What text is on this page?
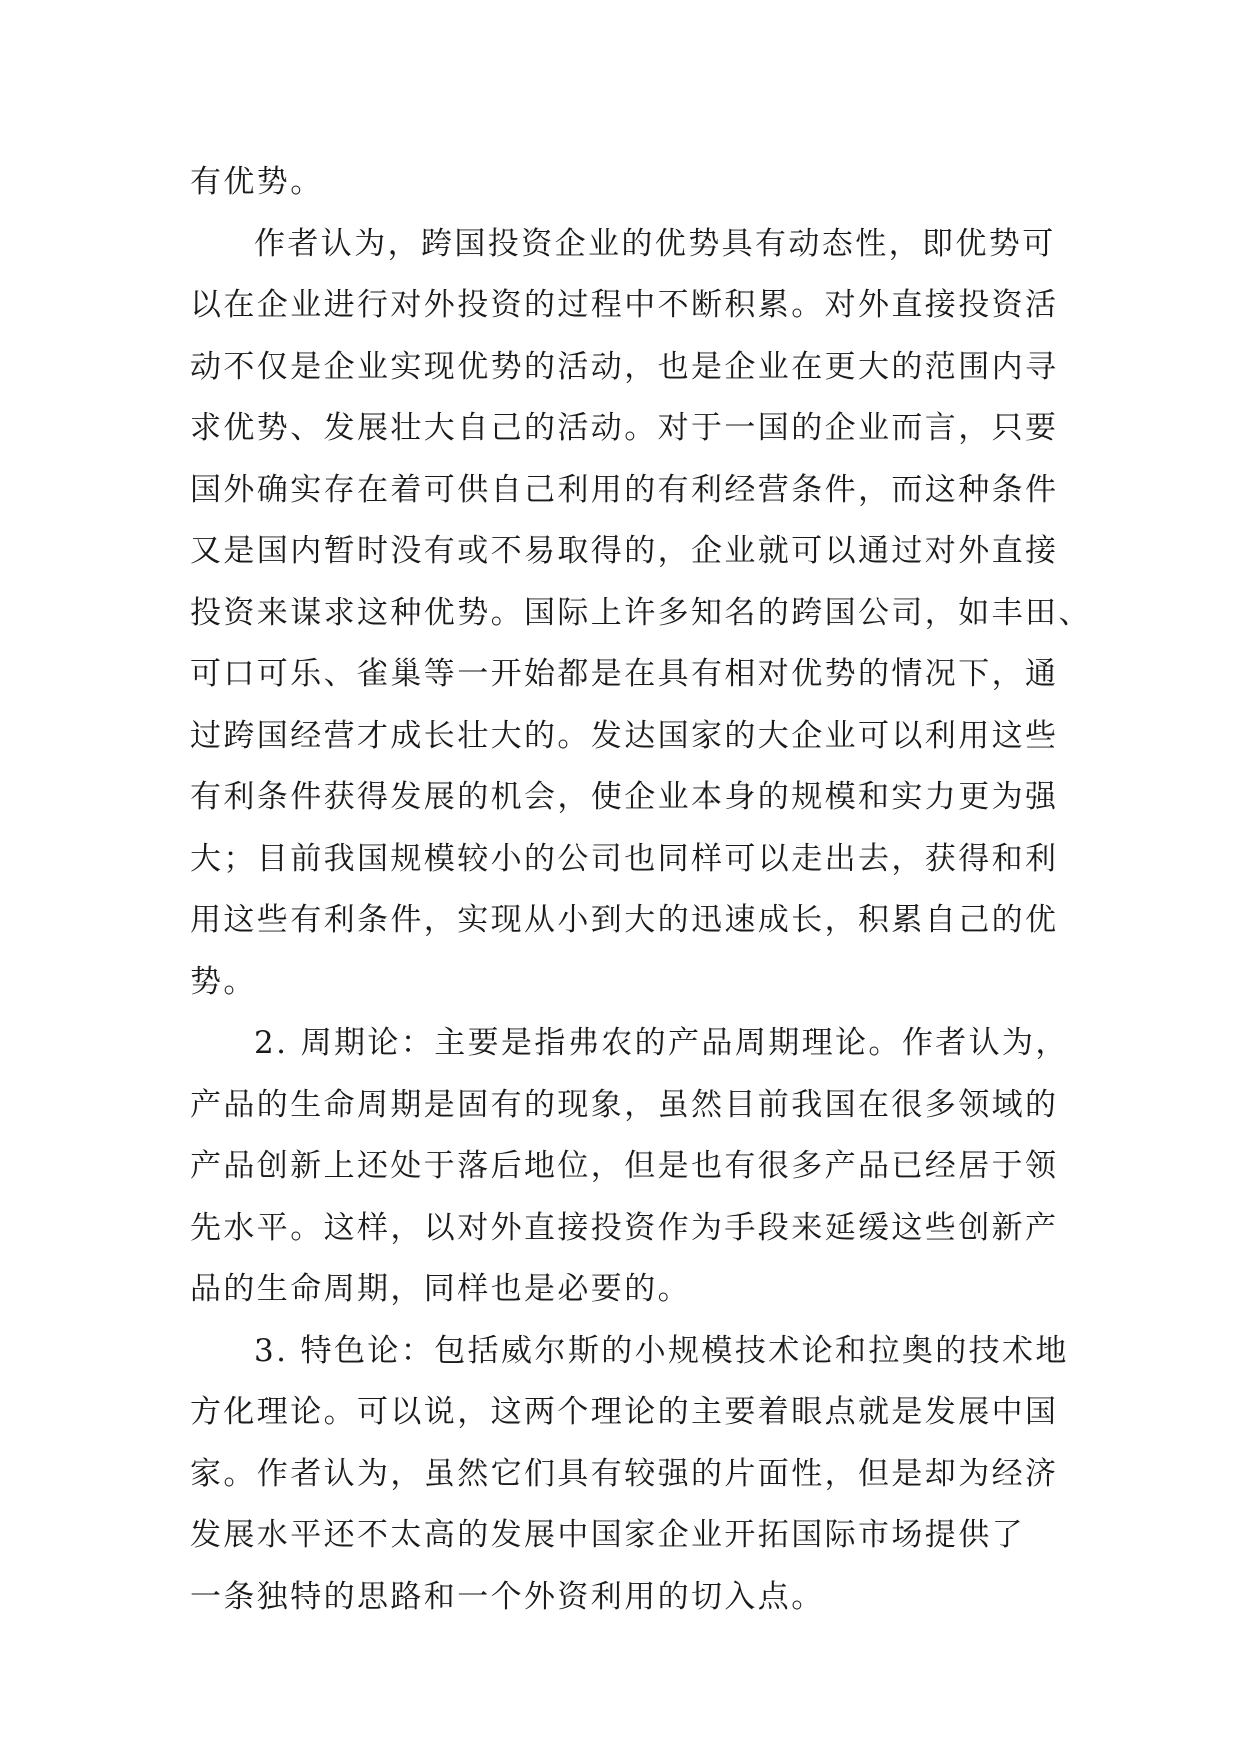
有优势。
作者认为，跨国投资企业的优势具有动态性，即优势可
以在企业进行对外投资的过程中不断积累。对外直接投资活
动不仅是企业实现优势的活动，也是企业在更大的范围内寻
求优势、发展壮大自己的活动。对于一国的企业而言，只要
国外确实存在着可供自己利用的有利经营条件，而这种条件
又是国内暂时没有或不易取得的，企业就可以通过对外直接
投资来谋求这种优势。国际上许多知名的跨国公司，如丰田、
可口可乐、雀巢等一开始都是在具有相对优势的情况下，通
过跨国经营才成长壮大的。发达国家的大企业可以利用这些
有利条件获得发展的机会，使企业本身的规模和实力更为强
大；目前我国规模较小的公司也同样可以走出去，获得和利
用这些有利条件，实现从小到大的迅速成长，积累自己的优
势。
2. 周期论：主要是指弗农的产品周期理论。作者认为，
产品的生命周期是固有的现象，虽然目前我国在很多领域的
产品创新上还处于落后地位，但是也有很多产品已经居于领
先水平。这样，以对外直接投资作为手段来延缓这些创新产
品的生命周期，同样也是必要的。
3. 特色论：包括威尔斯的小规模技术论和拉奥的技术地
方化理论。可以说，这两个理论的主要着眼点就是发展中国
家。作者认为，虽然它们具有较强的片面性，但是却为经济
发展水平还不太高的发展中国家企业开拓国际市场提供了
一条独特的思路和一个外资利用的切入点。
